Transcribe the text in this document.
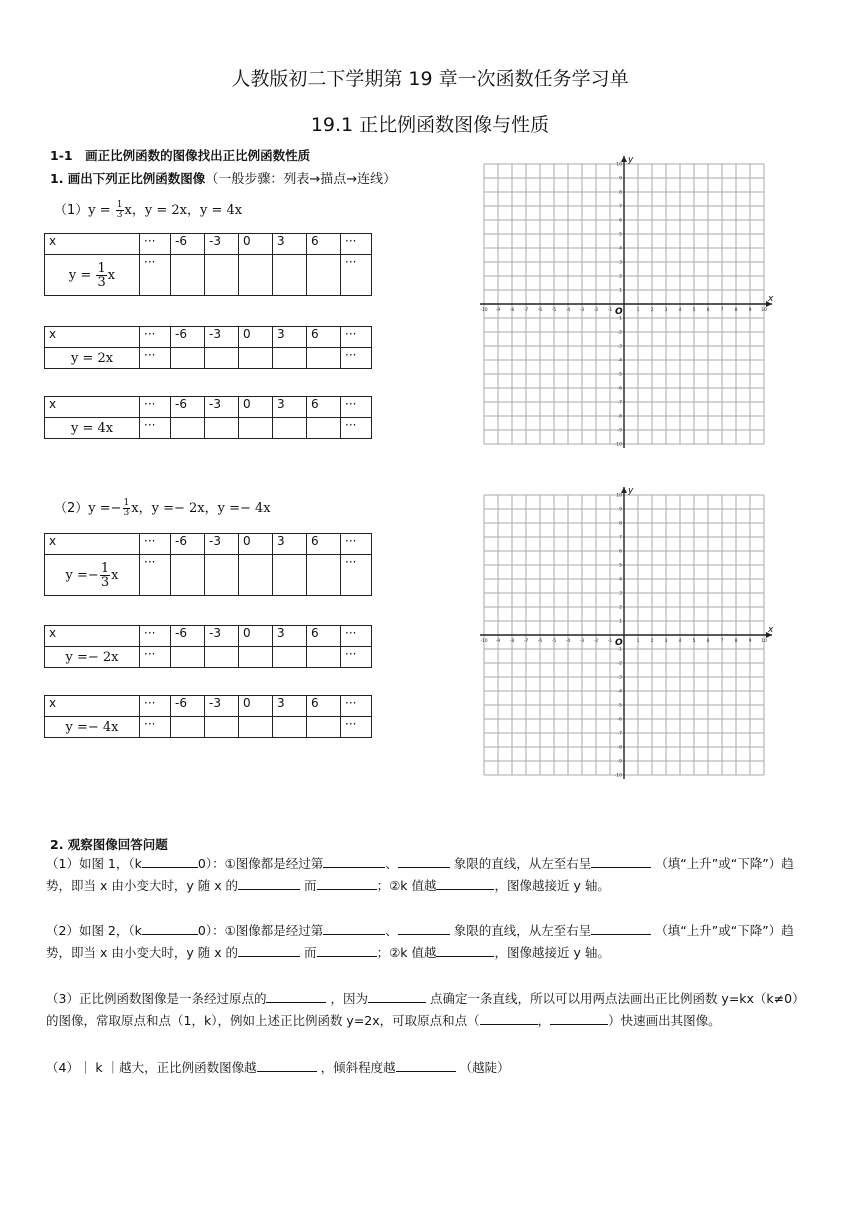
人教版初二下学期第 19 章一次函数任务学习单
19.1 正比例函数图像与性质
1-1　画正比例函数的图像找出正比例函数性质
1. 画出下列正比例函数图像（一般步骤：列表→描点→连线）
$(1)y = \frac{1}{3}$ x，y = 2x，y = 4x
$(2)y =- \frac{1}{3}$ x，y =− 2x，y =− 4x
x	···	-6	-3	0	3	6	···
$y = \frac{1}{3}$ x	···						···
x	···	-6	-3	0	3	6	···
y = 2x	···						···
x	···	-6	-3	0	3	6	···
y = 4x	···						···
x	···	-6	-3	0	3	6	···
$y =- \frac{1}{3}$ x	···						···
x	···	-6	-3	0	3	6	···
y =− 2x	···						···
x	···	-6	-3	0	3	6	···
y =− 4x	···						···
-10
-10
-9
-9
-8
-8
-7
-7
-6
-6
-5
-5
-4
-4
-3
-3
-2
-2
-1
-1
1
1
2
2
3
3
4
4
5
5
6
6
7
7
8
8
9
9
10
10
x
y
O
-10
-10
-9
-9
-8
-8
-7
-7
-6
-6
-5
-5
-4
-4
-3
-3
-2
-2
-1
-1
1
1
2
2
3
3
4
4
5
5
6
6
7
7
8
8
9
9
10
10
x
y
O
2. 观察图像回答问题
（1）如图 1，（k	0）：①图像都是经过第	、	象限的直线，从左至右呈	（填“上升”或“下降”）趋势，即当 x 由小变大时，y 随 x 的	而	；②k 值越	，图像越接近 y 轴。
（2）如图 2，（k	0）：①图像都是经过第	、	象限的直线，从左至右呈	（填“上升”或“下降”）趋势，即当 x 由小变大时，y 随 x 的	而	；②k 值越	，图像越接近 y 轴。
（3）正比例函数图像是一条经过原点的	，因为	点确定一条直线，所以可以用两点法画出正比例函数 y=kx（k≠0）的图像，常取原点和点（1，k），例如上述正比例函数 y=2x，可取原点和点（	，	）快速画出其图像。
（4）｜ k ｜越大，正比例函数图像越	，倾斜程度越	（越陡）
